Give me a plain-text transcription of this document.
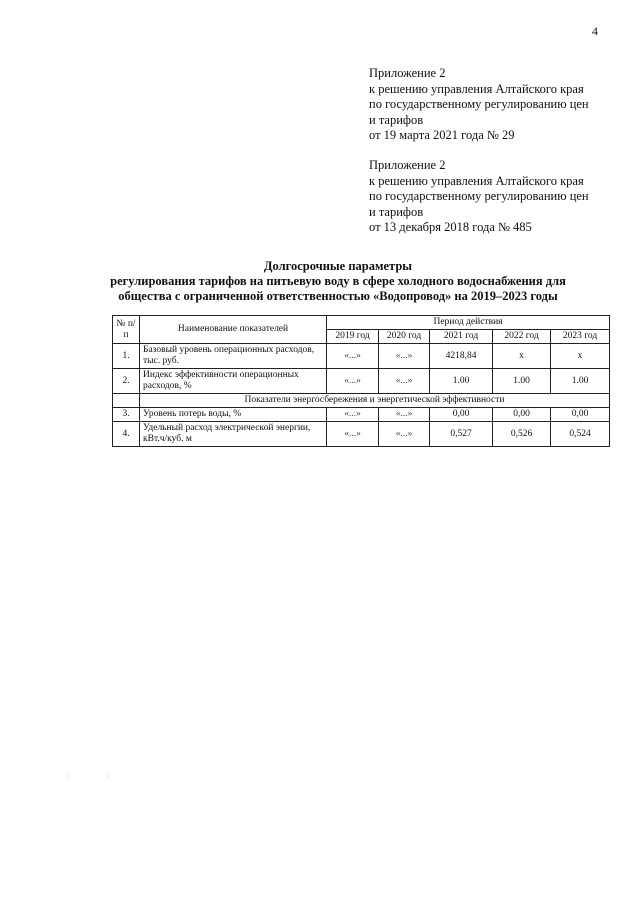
4
Приложение 2
к решению управления Алтайского края
по государственному регулированию цен
и тарифов
от 19 марта 2021 года № 29
Приложение 2
к решению управления Алтайского края
по государственному регулированию цен
и тарифов
от 13 декабря 2018 года № 485
Долгосрочные параметры
регулирования тарифов на питьевую воду в сфере холодного водоснабжения для
общества с ограниченной ответственностью «Водопровод» на 2019–2023 годы
№ п/п	Наименование показателей	Период действия				
		2019 год	2020 год	2021 год	2022 год	2023 год
1.	Базовый уровень операционных расходов, тыс. руб.	«...»	«...»	4218,84	х	х
2.	Индекс эффективности операционных расходов, %	«...»	«...»	1.00	1.00	1.00
	Показатели энергосбережения и энергетической эффективности					
3.	Уровень потерь воды, %	«...»	«...»	0,00	0,00	0,00
4.	Удельный расход электрической энергии, кВт.ч/куб. м	«...»	«...»	0,527	0,526	0,524
· ·
